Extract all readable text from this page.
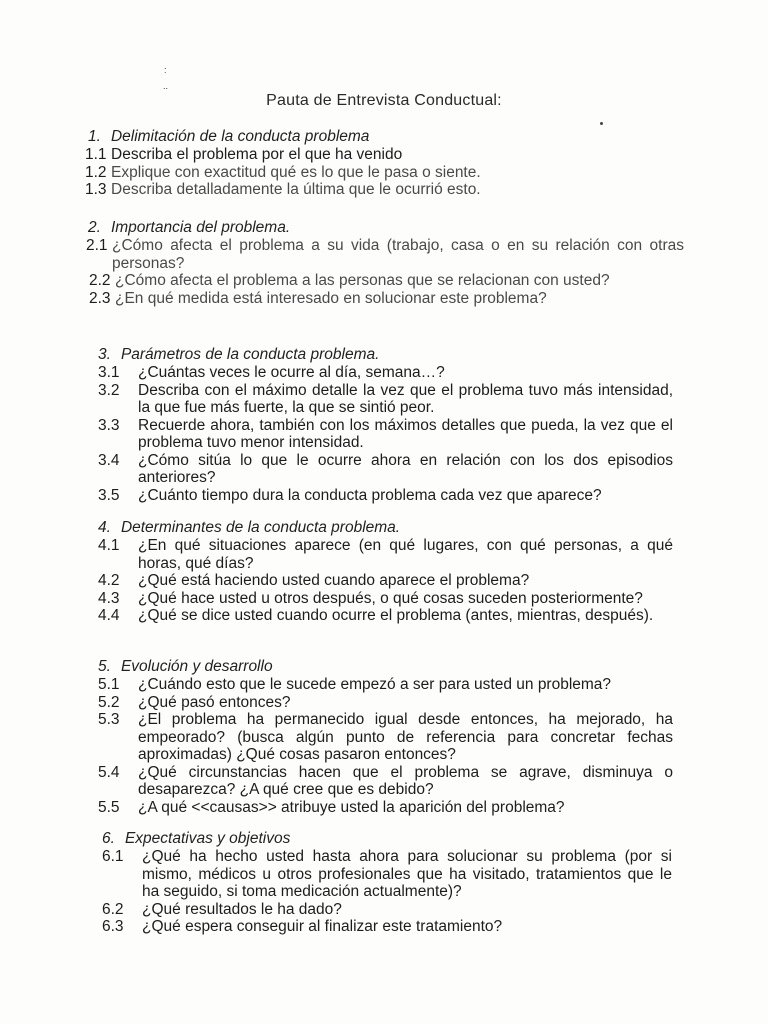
:
..
Pauta de Entrevista Conductual:
1. Delimitación de la conducta problema
1.1 Describa el problema por el que ha venido
1.2 Explique con exactitud qué es lo que le pasa o siente.
1.3 Describa detalladamente la última que le ocurrió esto.
2. Importancia del problema.
2.1 ¿Cómo afecta el problema a su vida (trabajo, casa o en su relación con otras personas?
2.2 ¿Cómo afecta el problema a las personas que se relacionan con usted?
2.3 ¿En qué medida está interesado en solucionar este problema?
3. Parámetros de la conducta problema.
3.1	¿Cuántas veces le ocurre al día, semana…?
3.2	Describa con el máximo detalle la vez que el problema tuvo más intensidad, la que fue más fuerte, la que se sintió peor.
3.3	Recuerde ahora, también con los máximos detalles que pueda, la vez que el problema tuvo menor intensidad.
3.4	¿Cómo sitúa lo que le ocurre ahora en relación con los dos episodios anteriores?
3.5	¿Cuánto tiempo dura la conducta problema cada vez que aparece?
4. Determinantes de la conducta problema.
4.1	¿En qué situaciones aparece (en qué lugares, con qué personas, a qué horas, qué días?
4.2	¿Qué está haciendo usted cuando aparece el problema?
4.3	¿Qué hace usted u otros después, o qué cosas suceden posteriormente?
4.4	¿Qué se dice usted cuando ocurre el problema (antes, mientras, después).
5. Evolución y desarrollo
5.1	¿Cuándo esto que le sucede empezó a ser para usted un problema?
5.2	¿Qué pasó entonces?
5.3	¿El problema ha permanecido igual desde entonces, ha mejorado, ha empeorado? (busca algún punto de referencia para concretar fechas aproximadas) ¿Qué cosas pasaron entonces?
5.4	¿Qué circunstancias hacen que el problema se agrave, disminuya o desaparezca? ¿A qué cree que es debido?
5.5	¿A qué <<causas>> atribuye usted la aparición del problema?
6. Expectativas y objetivos
6.1	¿Qué ha hecho usted hasta ahora para solucionar su problema (por si mismo, médicos u otros profesionales que ha visitado, tratamientos que le ha seguido, si toma medicación actualmente)?
6.2	¿Qué resultados le ha dado?
6.3	¿Qué espera conseguir al finalizar este tratamiento?
